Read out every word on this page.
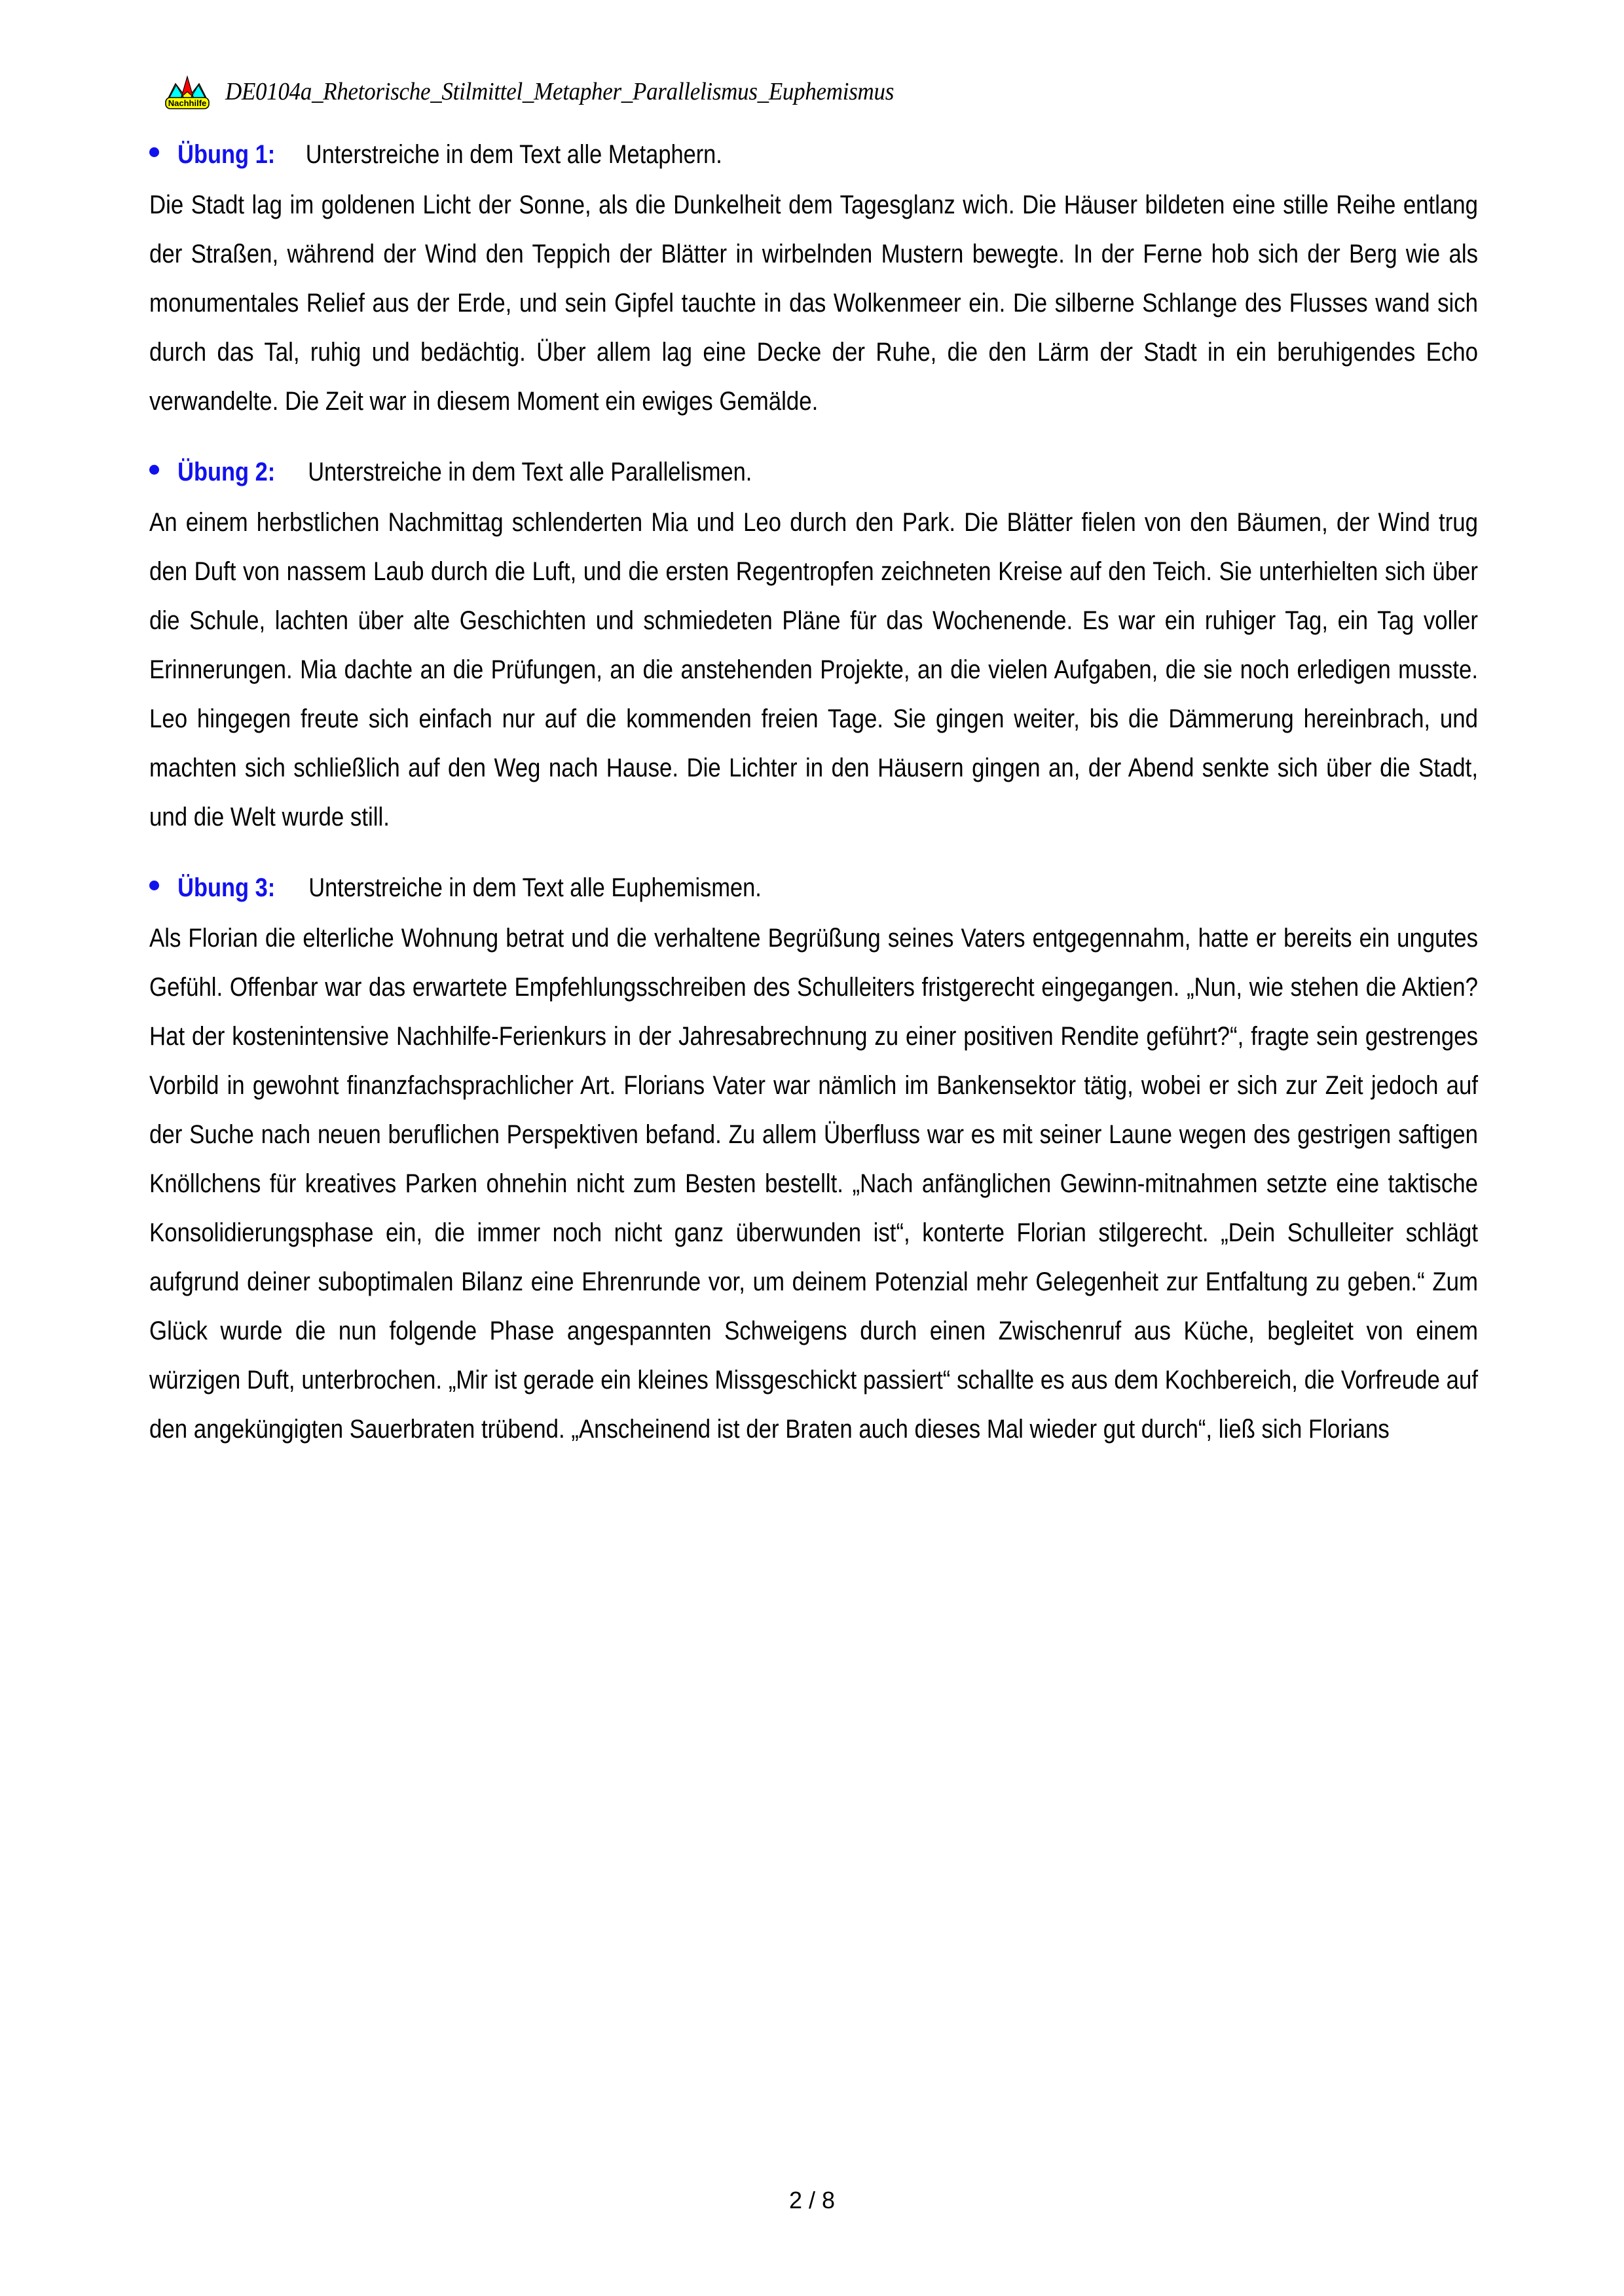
Nachhilfe DE0104a_Rhetorische_Stilmittel_Metapher_Parallelismus_Euphemismus
Übung 1: Unterstreiche in dem Text alle Metaphern.

Die Stadt lag im goldenen Licht der Sonne, als die Dunkelheit dem Tagesglanz wich. Die Häuser bildeten eine stille Reihe entlang der Straßen, während der Wind den Teppich der Blätter in wirbelnden Mustern bewegte. In der Ferne hob sich der Berg wie als monumentales Relief aus der Erde, und sein Gipfel tauchte in das Wolkenmeer ein. Die silberne Schlange des Flusses wand sich durch das Tal, ruhig und bedächtig. Über allem lag eine Decke der Ruhe, die den Lärm der Stadt in ein beruhigendes Echo verwandelte. Die Zeit war in diesem Moment ein ewiges Gemälde.

Übung 2: Unterstreiche in dem Text alle Parallelismen.

An einem herbstlichen Nachmittag schlenderten Mia und Leo durch den Park. Die Blätter fielen von den Bäumen, der Wind trug den Duft von nassem Laub durch die Luft, und die ersten Regentropfen zeichneten Kreise auf den Teich. Sie unterhielten sich über die Schule, lachten über alte Geschichten und schmiedeten Pläne für das Wochenende. Es war ein ruhiger Tag, ein Tag voller Erinnerungen. Mia dachte an die Prüfungen, an die anstehenden Projekte, an die vielen Aufgaben, die sie noch erledigen musste. Leo hingegen freute sich einfach nur auf die kommenden freien Tage. Sie gingen weiter, bis die Dämmerung hereinbrach, und machten sich schließlich auf den Weg nach Hause. Die Lichter in den Häusern gingen an, der Abend senkte sich über die Stadt, und die Welt wurde still.

Übung 3: Unterstreiche in dem Text alle Euphemismen.

Als Florian die elterliche Wohnung betrat und die verhaltene Begrüßung seines Vaters entgegennahm, hatte er bereits ein ungutes Gefühl. Offenbar war das erwartete Empfehlungsschreiben des Schulleiters fristgerecht eingegangen. „Nun, wie stehen die Aktien? Hat der kostenintensive Nachhilfe-Ferienkurs in der Jahresabrechnung zu einer positiven Rendite geführt?“, fragte sein gestrenges Vorbild in gewohnt finanzfachsprachlicher Art. Florians Vater war nämlich im Bankensektor tätig, wobei er sich zur Zeit jedoch auf der Suche nach neuen beruflichen Perspektiven befand. Zu allem Überfluss war es mit seiner Laune wegen des gestrigen saftigen Knöllchens für kreatives Parken ohnehin nicht zum Besten bestellt. „Nach anfänglichen Gewinn-mitnahmen setzte eine taktische Konsolidierungsphase ein, die immer noch nicht ganz überwunden ist“, konterte Florian stilgerecht. „Dein Schulleiter schlägt aufgrund deiner suboptimalen Bilanz eine Ehrenrunde vor, um deinem Potenzial mehr Gelegenheit zur Entfaltung zu geben.“ Zum Glück wurde die nun folgende Phase angespannten Schweigens durch einen Zwischenruf aus Küche, begleitet von einem würzigen Duft, unterbrochen. „Mir ist gerade ein kleines Missgeschickt passiert“ schallte es aus dem Kochbereich, die Vorfreude auf den angeküngigten Sauerbraten trübend. „Anscheinend ist der Braten auch dieses Mal wieder gut durch“, ließ sich Florians

2 / 8
